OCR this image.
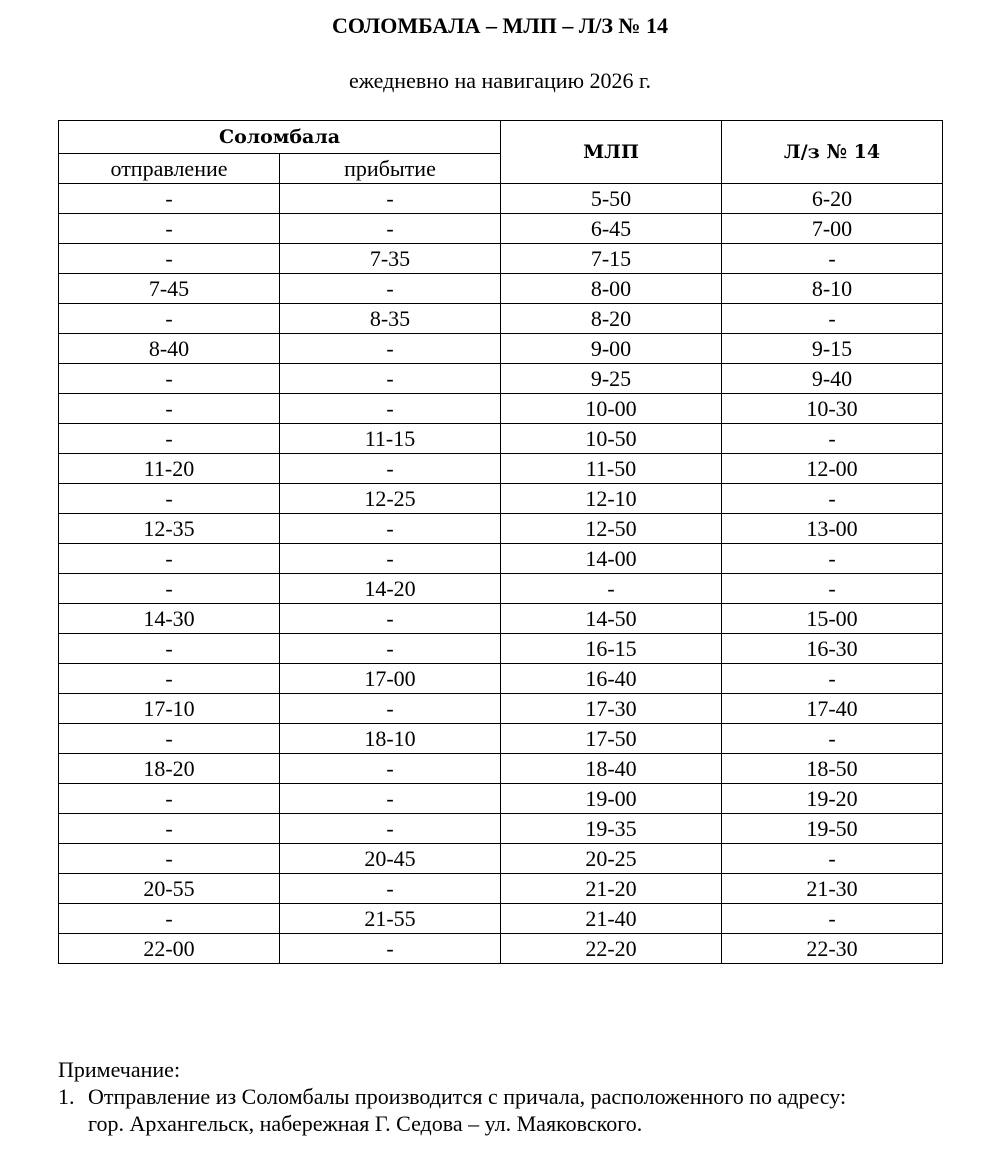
СОЛОМБАЛА – МЛП – Л/З № 14
ежедневно на навигацию 2026 г.
Соломбала		МЛП	Л/з № 14
отправление	прибытие		
-	-	5-50	6-20
-	-	6-45	7-00
-	7-35	7-15	-
7-45	-	8-00	8-10
-	8-35	8-20	-
8-40	-	9-00	9-15
-	-	9-25	9-40
-	-	10-00	10-30
-	11-15	10-50	-
11-20	-	11-50	12-00
-	12-25	12-10	-
12-35	-	12-50	13-00
-	-	14-00	-
-	14-20	-	-
14-30	-	14-50	15-00
-	-	16-15	16-30
-	17-00	16-40	-
17-10	-	17-30	17-40
-	18-10	17-50	-
18-20	-	18-40	18-50
-	-	19-00	19-20
-	-	19-35	19-50
-	20-45	20-25	-
20-55	-	21-20	21-30
-	21-55	21-40	-
22-00	-	22-20	22-30
Примечание:
1. Отправление из Соломбалы производится с причала, расположенного по адресу:
гор. Архангельск, набережная Г. Седова – ул. Маяковского.
